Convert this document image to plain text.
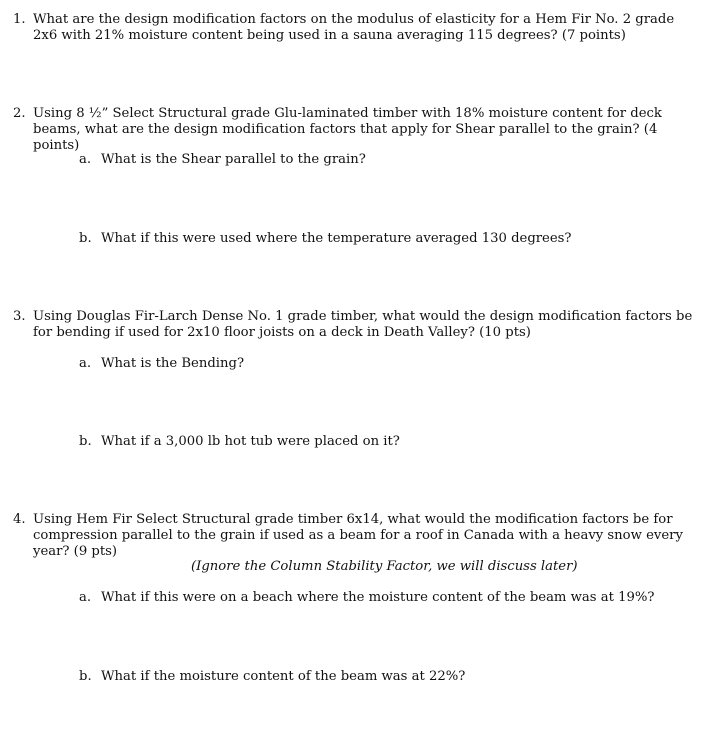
1. What are the design modification factors on the modulus of elasticity for a Hem Fir No. 2 grade 2x6 with 21% moisture content being used in a sauna averaging 115 degrees? (7 points)
2. Using 8 ½” Select Structural grade Glu-laminated timber with 18% moisture content for deck beams, what are the design modification factors that apply for Shear parallel to the grain? (4 points)
a. What is the Shear parallel to the grain?
b. What if this were used where the temperature averaged 130 degrees?
3. Using Douglas Fir-Larch Dense No. 1 grade timber, what would the design modification factors be for bending if used for 2x10 floor joists on a deck in Death Valley? (10 pts)
a. What is the Bending?
b. What if a 3,000 lb hot tub were placed on it?
4. Using Hem Fir Select Structural grade timber 6x14, what would the modification factors be for compression parallel to the grain if used as a beam for a roof in Canada with a heavy snow every year? (9 pts)
(Ignore the Column Stability Factor, we will discuss later)
a. What if this were on a beach where the moisture content of the beam was at 19%?
b. What if the moisture content of the beam was at 22%?
